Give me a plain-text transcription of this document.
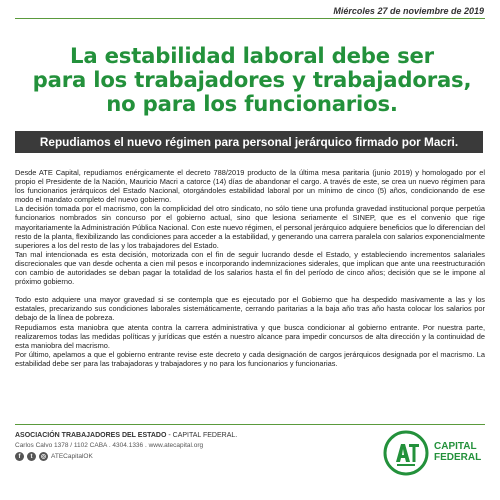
Miércoles 27 de noviembre de 2019
La estabilidad laboral debe ser
para los trabajadores y trabajadoras,
no para los funcionarios.
Repudiamos el nuevo régimen para personal jerárquico firmado por Macri.

Desde ATE Capital, repudiamos enérgicamente el decreto 788/2019 producto de la última mesa paritaria (junio 2019) y homologado por el propio el Presidente de la Nación, Mauricio Macri a catorce (14) días de abandonar el cargo. A través de este, se crea un nuevo régimen para los funcionarios jerárquicos del Estado Nacional, otorgándoles estabilidad laboral por un mínimo de cinco (5) años, condicionando de ese modo el mandato completo del nuevo gobierno.

La decisión tomada por el macrismo, con la complicidad del otro sindicato, no sólo tiene una profunda gravedad institucional porque perpetúa funcionarios nombrados sin concurso por el gobierno actual, sino que lesiona seriamente el SINEP, que es el convenio que rige mayoritariamente la Administración Pública Nacional. Con este nuevo régimen, el personal jerárquico adquiere beneficios que lo diferencian del resto de la planta, flexibilizando las condiciones para acceder a la estabilidad, y generando una carrera paralela con salarios exponencialmente superiores a los del resto de las y los trabajadores del Estado.

Tan mal intencionada es esta decisión, motorizada con el fin de seguir lucrando desde el Estado, y estableciendo incrementos salariales discrecionales que van desde ochenta a cien mil pesos e incorporando indemnizaciones siderales, que implican que ante una reestructuración con cambio de autoridades se deban pagar la totalidad de los salarios hasta el fin del período de cinco años; decisión que se le impone al próximo gobierno.

Todo esto adquiere una mayor gravedad si se contempla que es ejecutado por el Gobierno que ha despedido masivamente a las y los estatales, precarizando sus condiciones laborales sistemáticamente, cerrando paritarias a la baja año tras año hasta colocar los salarios por debajo de la línea de pobreza.

Repudiamos esta maniobra que atenta contra la carrera administrativa y que busca condicionar al gobierno entrante. Por nuestra parte, realizaremos todas las medidas políticas y jurídicas que estén a nuestro alcance para impedir concursos de alta dirección y la continuidad de esta maniobra del macrismo.

Por último, apelamos a que el gobierno entrante revise este decreto y cada designación de cargos jerárquicos designada por el macrismo. La estabilidad debe ser para las trabajadoras y trabajadores y no para los funcionarios y funcionarias.

ASOCIACIÓN TRABAJADORES DEL ESTADO - CAPITAL FEDERAL.
Carlos Calvo 1378 / 1102 CABA . 4304.1336 . www.atecapital.org
f	t	◎ ATECapitalOK
CAPITAL
FEDERAL
